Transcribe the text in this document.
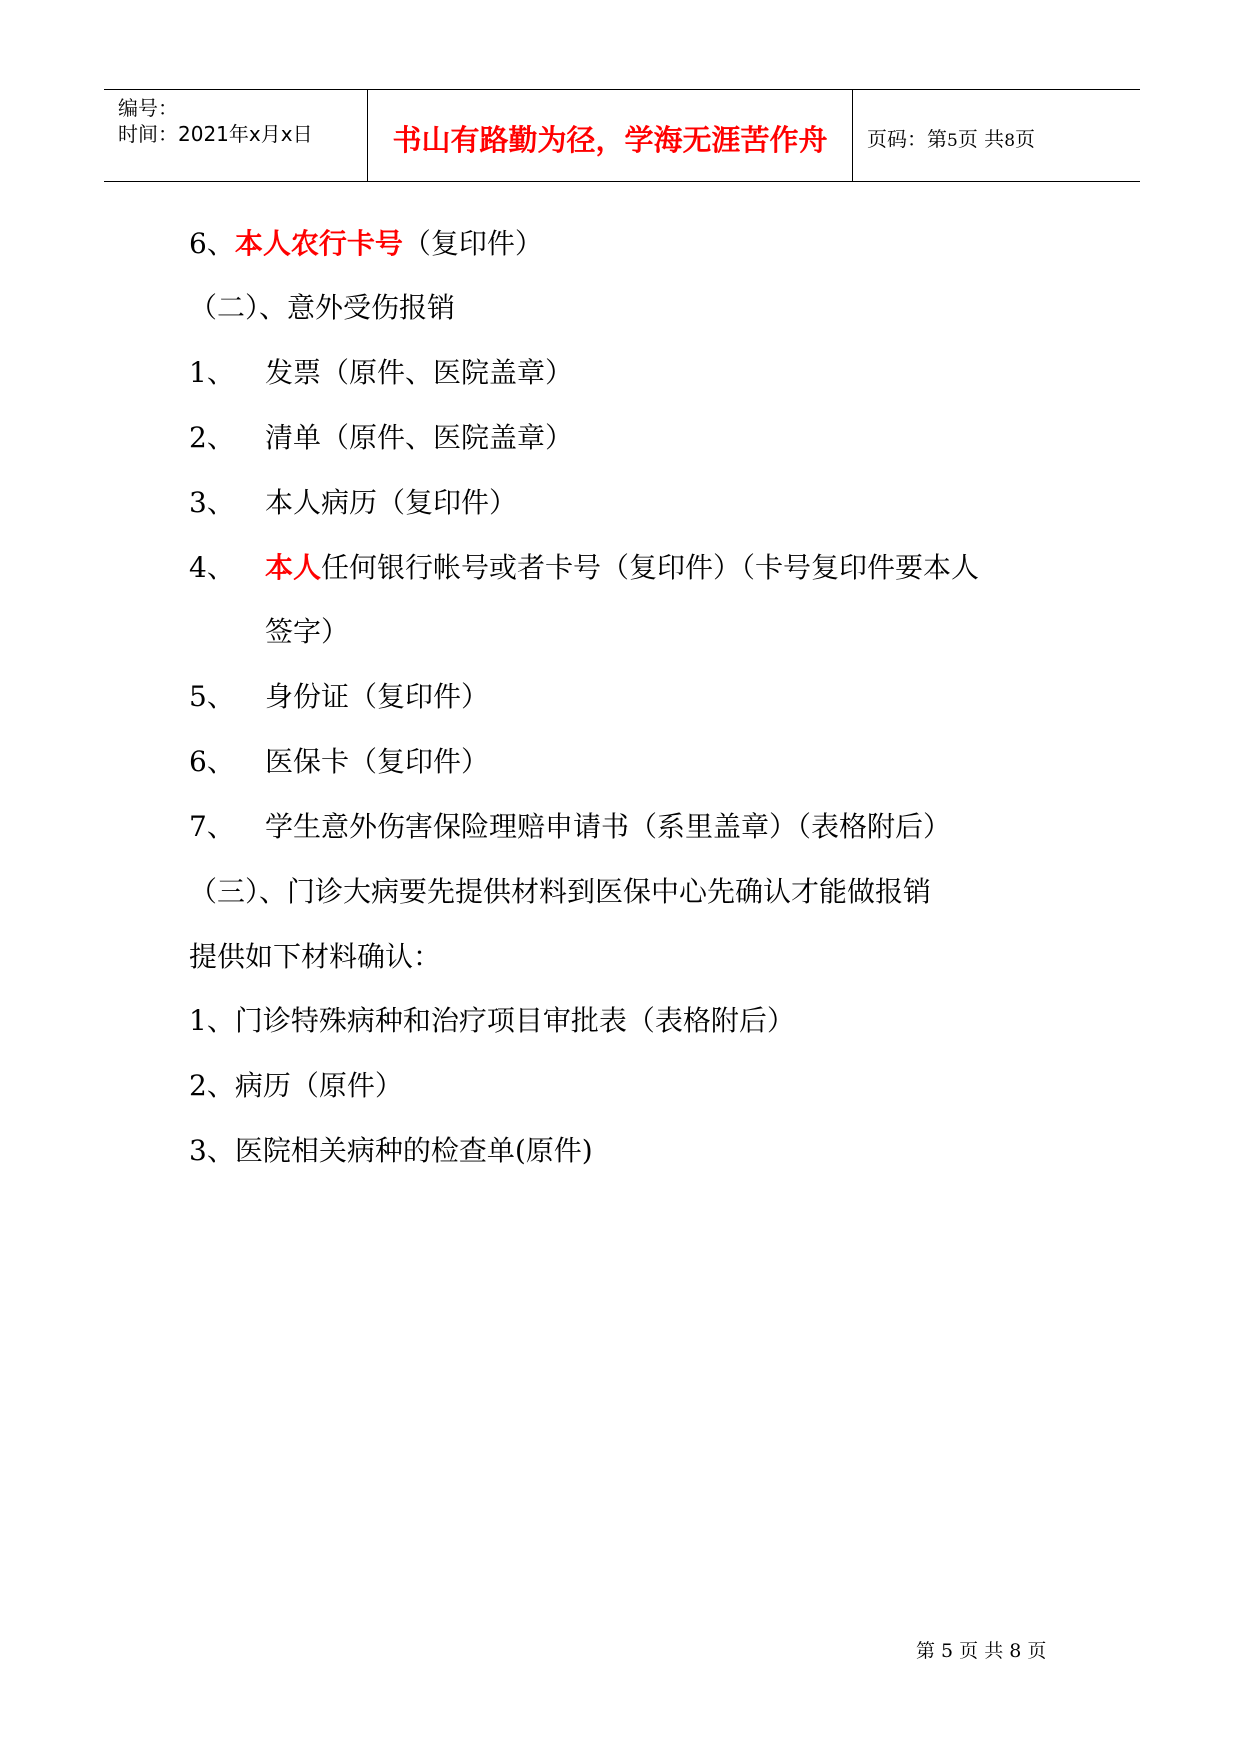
编号：
时间：2021年x月x日	书山有路勤为径，学海无涯苦作舟 页码：第5页 共8页
6、本人农行卡号（复印件）
（二）、意外受伤报销
1、 发票（原件、医院盖章）
2、 清单（原件、医院盖章）
3、 本人病历（复印件）
4、 本人任何银行帐号或者卡号（复印件）（卡号复印件要本人
签字）
5、 身份证（复印件）
6、 医保卡（复印件）
7、 学生意外伤害保险理赔申请书（系里盖章）（表格附后）
（三）、门诊大病要先提供材料到医保中心先确认才能做报销
提供如下材料确认：
1、门诊特殊病种和治疗项目审批表（表格附后）
2、病历（原件）
3、医院相关病种的检查单(原件)
第 5 页 共 8 页
